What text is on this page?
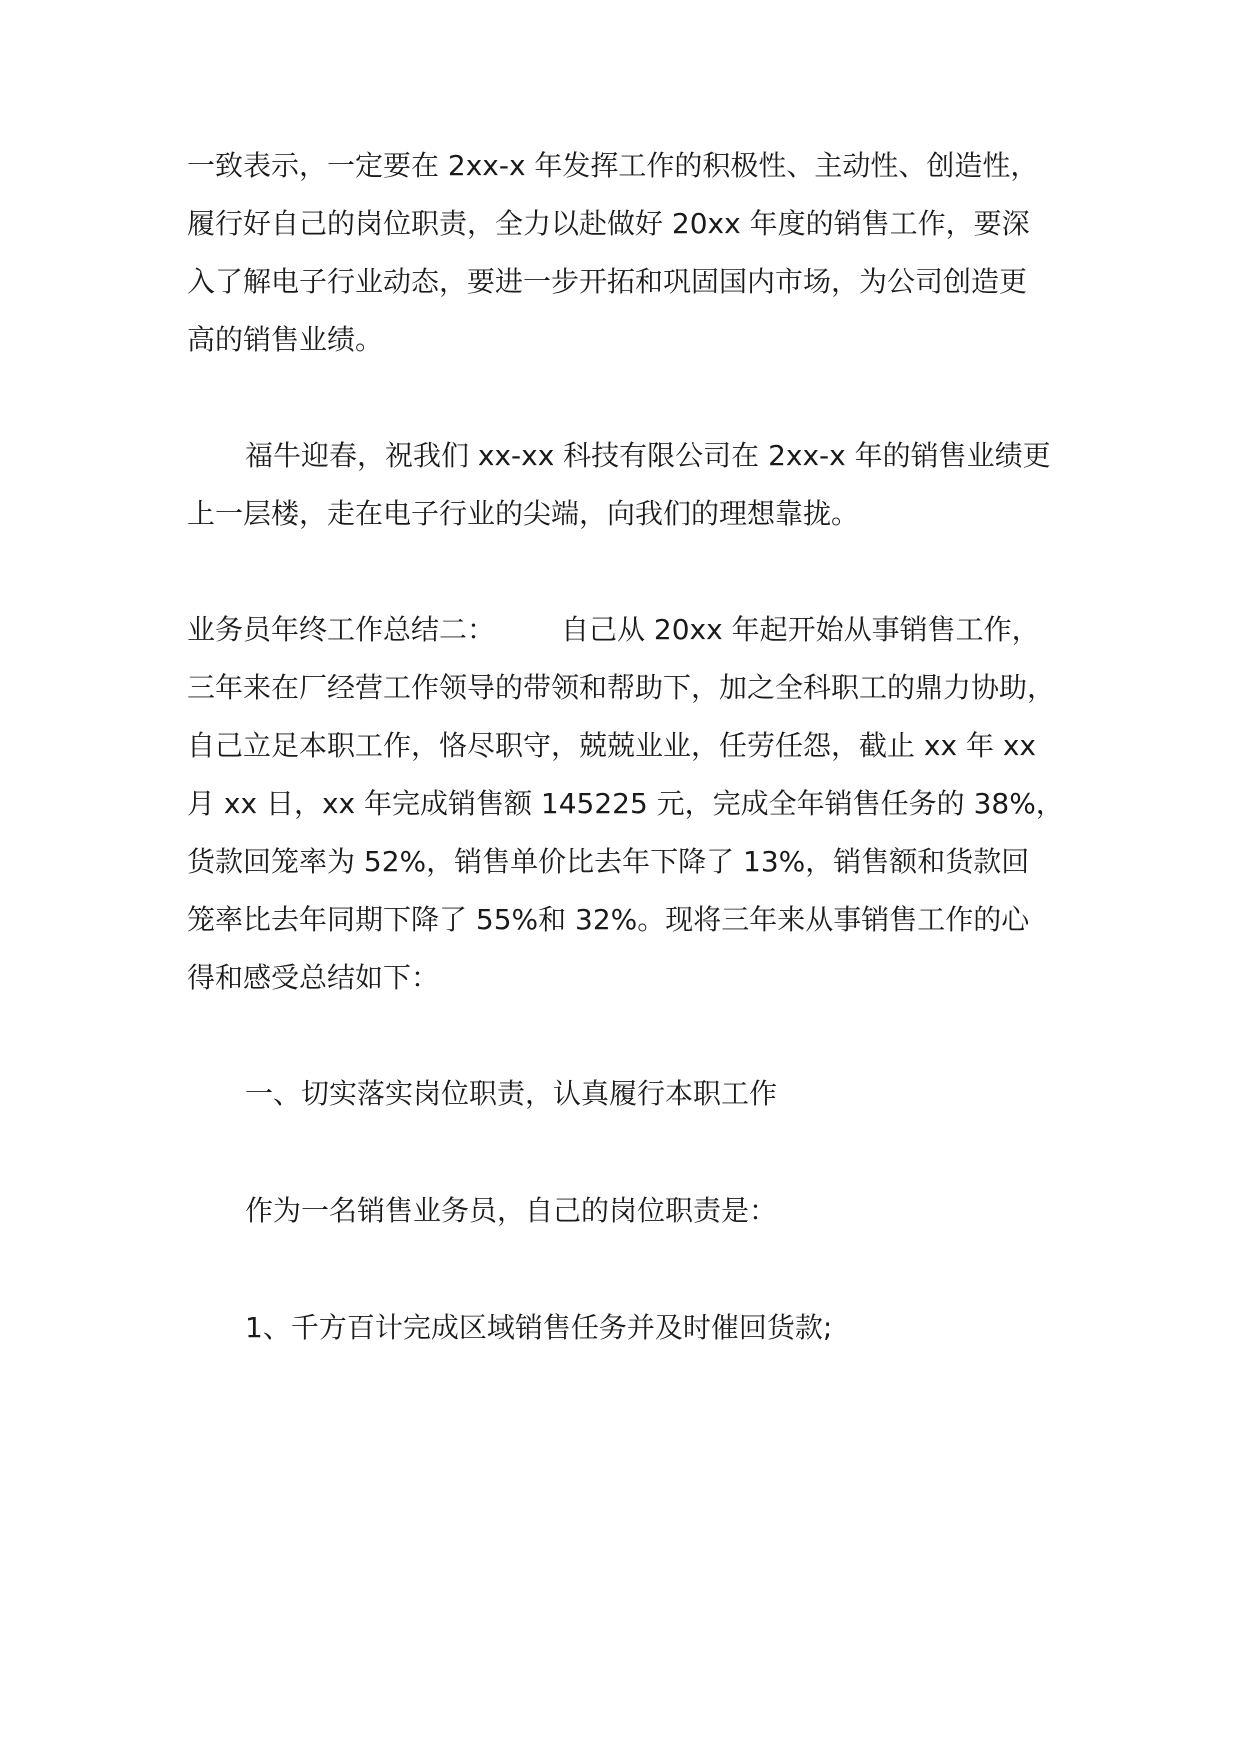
一致表示，一定要在 2xx-x 年发挥工作的积极性、主动性、创造性，
履行好自己的岗位职责，全力以赴做好 20xx 年度的销售工作，要深
入了解电子行业动态，要进一步开拓和巩固国内市场，为公司创造更
高的销售业绩。
福牛迎春，祝我们 xx-xx 科技有限公司在 2xx-x 年的销售业绩更
上一层楼，走在电子行业的尖端，向我们的理想靠拢。
业务员年终工作总结二： 自己从 20xx 年起开始从事销售工作，
三年来在厂经营工作领导的带领和帮助下，加之全科职工的鼎力协助，
自己立足本职工作，恪尽职守，兢兢业业，任劳任怨，截止 xx 年 xx
月 xx 日，xx 年完成销售额 145225 元，完成全年销售任务的 38%，
货款回笼率为 52%，销售单价比去年下降了 13%，销售额和货款回
笼率比去年同期下降了 55%和 32%。现将三年来从事销售工作的心
得和感受总结如下：
一、切实落实岗位职责，认真履行本职工作
作为一名销售业务员，自己的岗位职责是：
1、千方百计完成区域销售任务并及时催回货款;
